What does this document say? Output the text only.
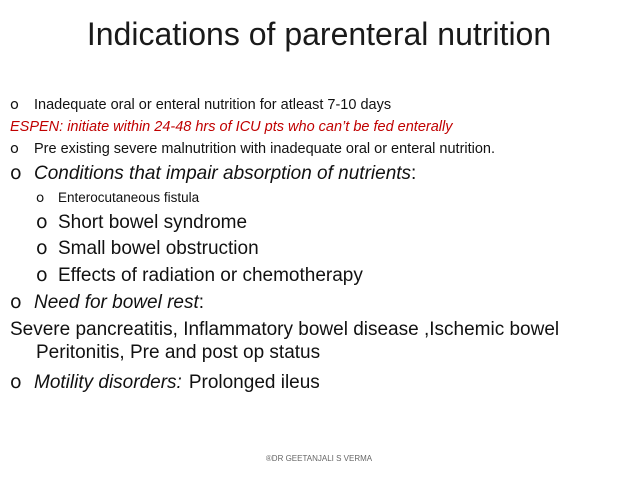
Indications of parenteral nutrition
o Inadequate oral or enteral nutrition for atleast 7-10 days
ESPEN: initiate within 24-48 hrs of ICU pts who can’t be fed enterally
o Pre existing severe malnutrition with inadequate oral or enteral nutrition.
o Conditions that impair absorption of nutrients:
o Enterocutaneous fistula
o Short bowel syndrome
o Small bowel obstruction
o Effects of radiation or chemotherapy
o Need for bowel rest:
Severe pancreatitis, Inflammatory bowel disease ,Ischemic bowel
Peritonitis, Pre and post op status
o Motility disorders: Prolonged ileus
®DR GEETANJALI S VERMA
